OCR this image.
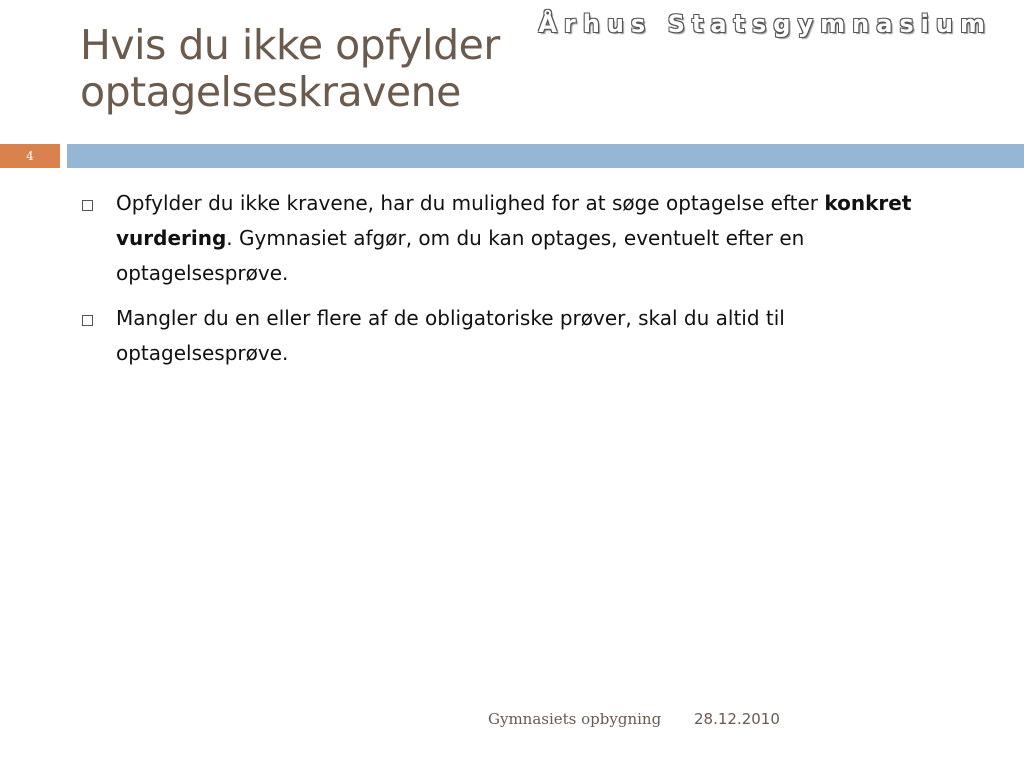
Århus Statsgymnasium
Hvis du ikke opfylder
optagelseskravene
4
Opfylder du ikke kravene, har du mulighed for at søge optagelse efter konkret vurdering. Gymnasiet afgør, om du kan optages, eventuelt efter en optagelsesprøve.
Mangler du en eller flere af de obligatoriske prøver, skal du altid til optagelsesprøve.
Gymnasiets opbygning 28.12.2010
